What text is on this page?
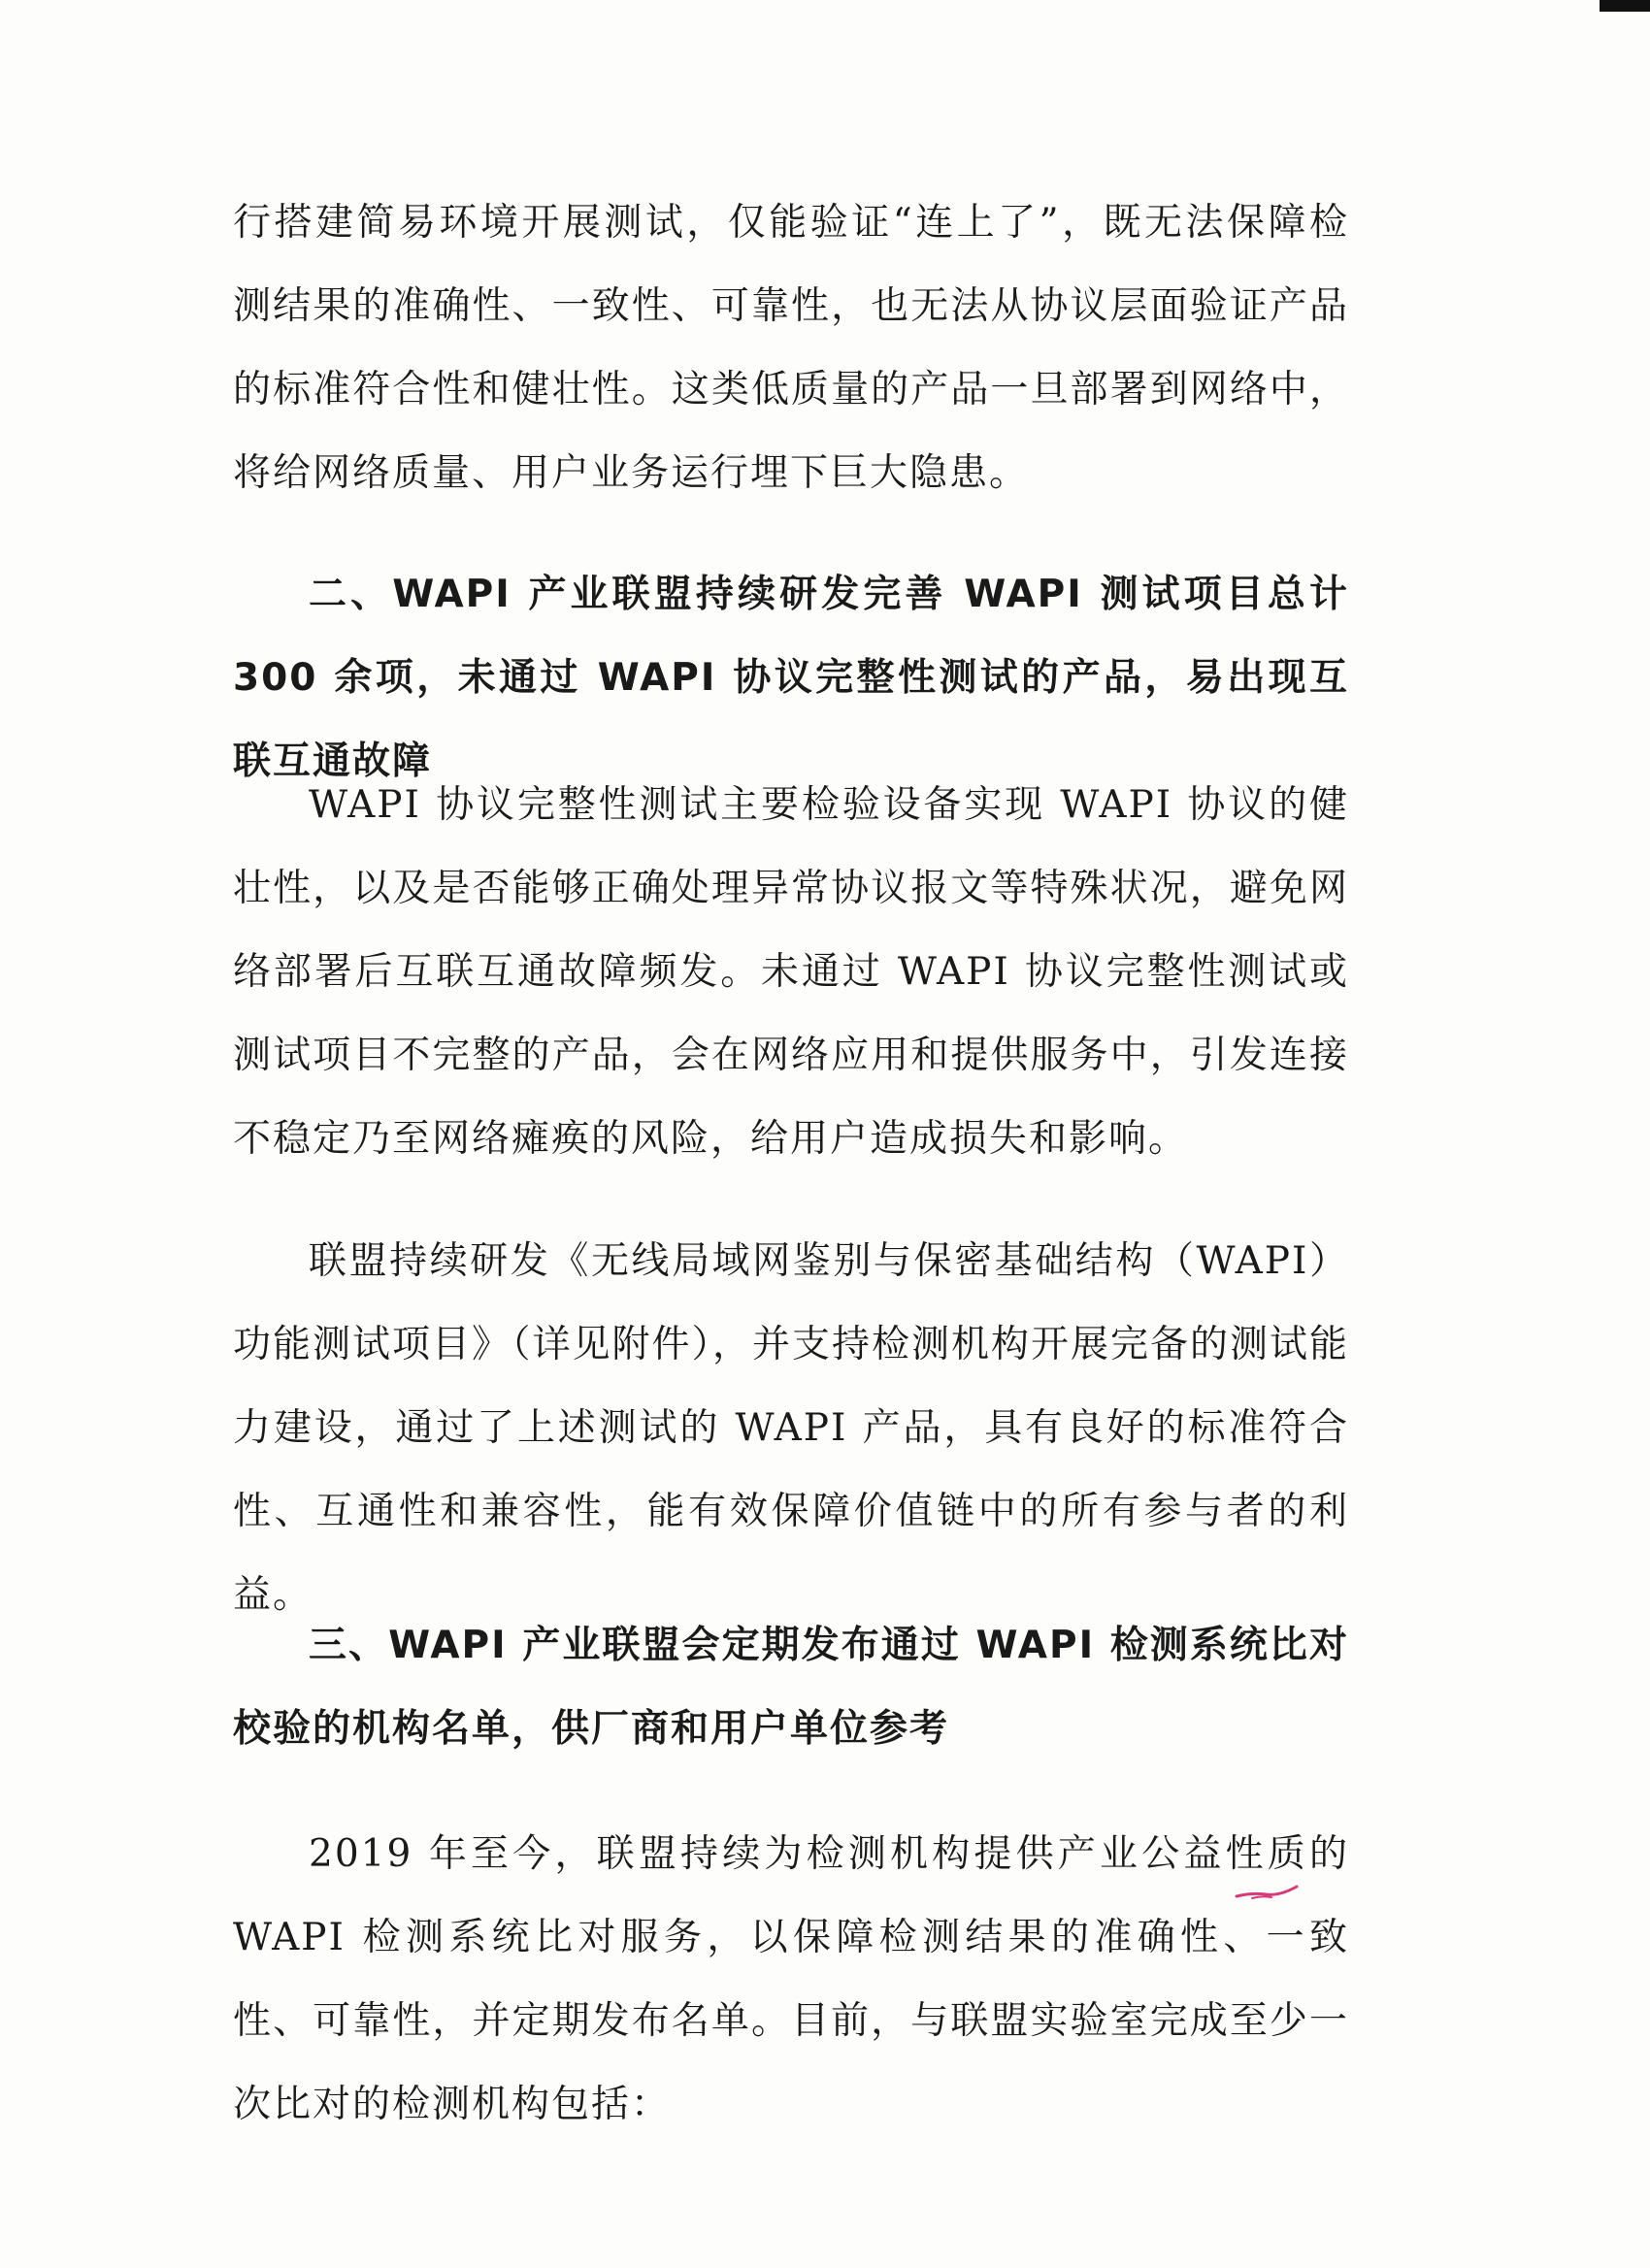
行搭建简易环境开展测试，仅能验证“连上了”，既无法保障检测结果的准确性、一致性、可靠性，也无法从协议层面验证产品的标准符合性和健壮性。这类低质量的产品一旦部署到网络中，将给网络质量、用户业务运行埋下巨大隐患。

二、WAPI 产业联盟持续研发完善 WAPI 测试项目总计 300 余项，未通过 WAPI 协议完整性测试的产品，易出现互联互通故障

WAPI 协议完整性测试主要检验设备实现 WAPI 协议的健壮性，以及是否能够正确处理异常协议报文等特殊状况，避免网络部署后互联互通故障频发。未通过 WAPI 协议完整性测试或测试项目不完整的产品，会在网络应用和提供服务中，引发连接不稳定乃至网络瘫痪的风险，给用户造成损失和影响。

联盟持续研发《无线局域网鉴别与保密基础结构（WAPI）功能测试项目》（详见附件），并支持检测机构开展完备的测试能力建设，通过了上述测试的 WAPI 产品，具有良好的标准符合性、互通性和兼容性，能有效保障价值链中的所有参与者的利益。

三、WAPI 产业联盟会定期发布通过 WAPI 检测系统比对校验的机构名单，供厂商和用户单位参考

2019 年至今，联盟持续为检测机构提供产业公益性质的 WAPI 检测系统比对服务，以保障检测结果的准确性、一致性、可靠性，并定期发布名单。目前，与联盟实验室完成至少一次比对的检测机构包括：
